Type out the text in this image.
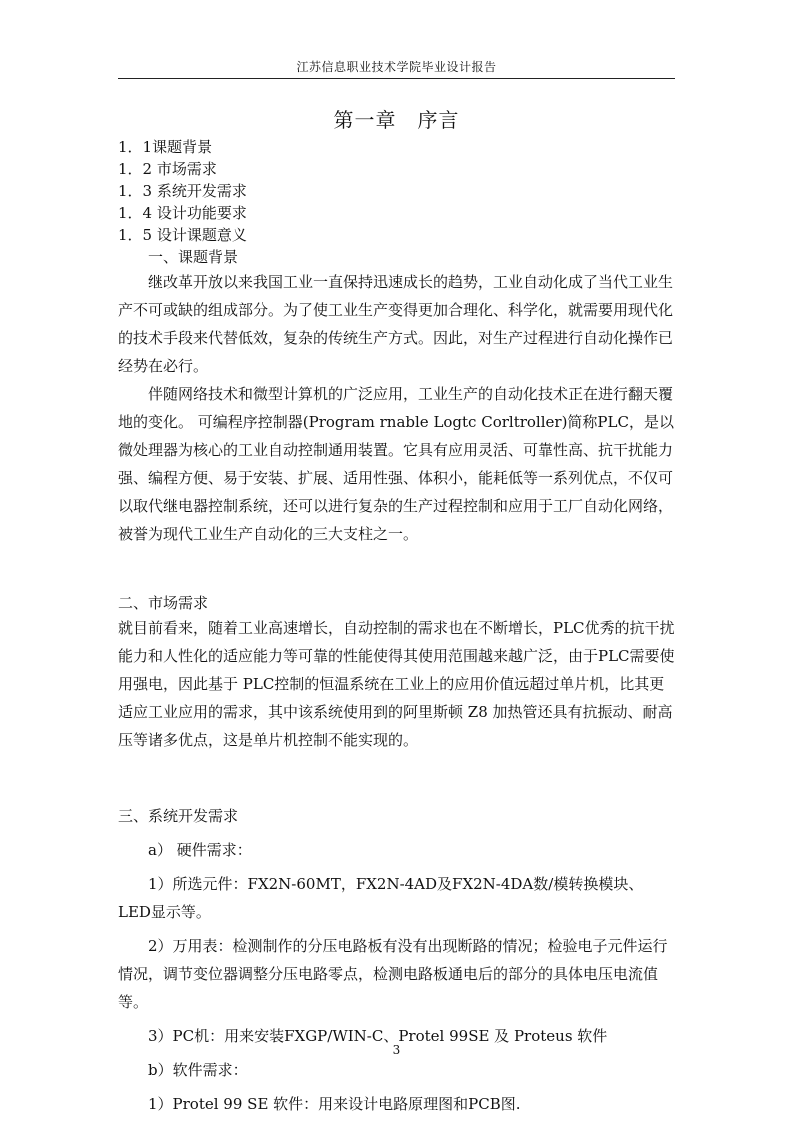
江苏信息职业技术学院毕业设计报告
第一章　序言
1．1课题背景
1．2 市场需求
1．3 系统开发需求
1．4 设计功能要求
1．5 设计课题意义

一、课题背景

继改革开放以来我国工业一直保持迅速成长的趋势，工业自动化成了当代工业生产不可或缺的组成部分。为了使工业生产变得更加合理化、科学化，就需要用现代化的技术手段来代替低效，复杂的传统生产方式。因此，对生产过程进行自动化操作已经势在必行。

伴随网络技术和微型计算机的广泛应用，工业生产的自动化技术正在进行翻天覆地的变化。 可编程序控制器(Program rnable Logtc Corltroller)简称PLC，是以微处理器为核心的工业自动控制通用装置。它具有应用灵活、可靠性高、抗干扰能力强、编程方便、易于安装、扩展、适用性强、体积小，能耗低等一系列优点，不仅可以取代继电器控制系统，还可以进行复杂的生产过程控制和应用于工厂自动化网络，被誉为现代工业生产自动化的三大支柱之一。

二、市场需求

就目前看来，随着工业高速增长，自动控制的需求也在不断增长，PLC优秀的抗干扰能力和人性化的适应能力等可靠的性能使得其使用范围越来越广泛，由于PLC需要使用强电，因此基于 PLC控制的恒温系统在工业上的应用价值远超过单片机，比其更适应工业应用的需求，其中该系统使用到的阿里斯顿 Z8 加热管还具有抗振动、耐高压等诸多优点，这是单片机控制不能实现的。

三、系统开发需求

a） 硬件需求：

1）所选元件：FX2N-60MT，FX2N-4AD及FX2N-4DA数/模转换模块、LED显示等。

2）万用表：检测制作的分压电路板有没有出现断路的情况；检验电子元件运行情况，调节变位器调整分压电路零点，检测电路板通电后的部分的具体电压电流值等。

3）PC机：用来安装FXGP/WIN-C、Protel 99SE 及 Proteus 软件

b）软件需求：

1）Protel 99 SE 软件：用来设计电路原理图和PCB图.

3
